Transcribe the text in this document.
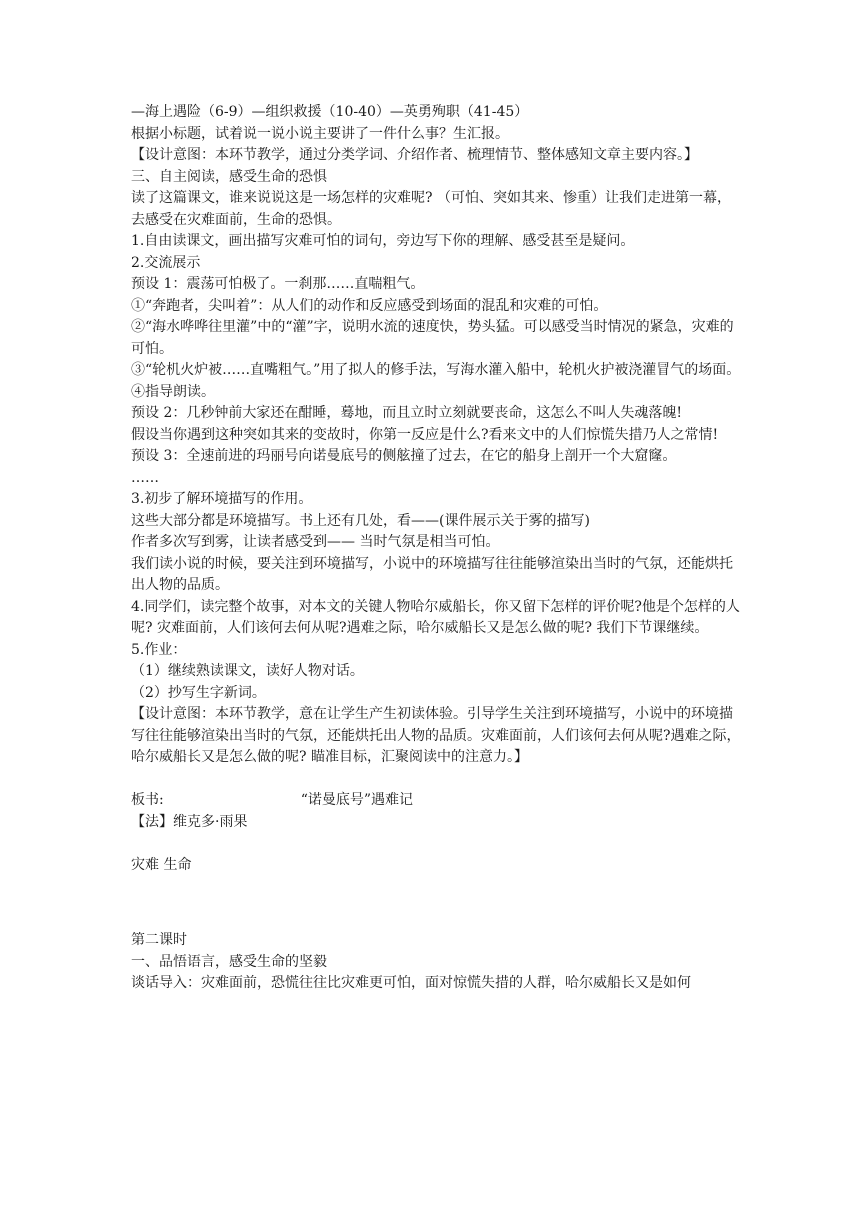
—海上遇险（6-9）—组织救援（10-40）—英勇殉职（41-45）
根据小标题，试着说一说小说主要讲了一件什么事？生汇报。
【设计意图：本环节教学，通过分类学词、介绍作者、梳理情节、整体感知文章主要内容。】
三、自主阅读，感受生命的恐惧
读了这篇课文，谁来说说这是一场怎样的灾难呢? （可怕、突如其来、惨重）让我们走进第一幕，去感受在灾难面前，生命的恐惧。
1.自由读课文，画出描写灾难可怕的词句，旁边写下你的理解、感受甚至是疑问。
2.交流展示
预设 1：震荡可怕极了。一刹那……直喘粗气。
①“奔跑者，尖叫着”：从人们的动作和反应感受到场面的混乱和灾难的可怕。
②“海水哗哗往里灌”中的“灌”字，说明水流的速度快，势头猛。可以感受当时情况的紧急，灾难的可怕。
③“轮机火炉被……直嘴粗气。”用了拟人的修手法，写海水灌入船中，轮机火护被浇灌冒气的场面。
④指导朗读。
预设 2：几秒钟前大家还在酣睡，蓦地，而且立时立刻就要丧命，这怎么不叫人失魂落魄!
假设当你遇到这种突如其来的变故时，你第一反应是什么?看来文中的人们惊慌失措乃人之常情!
预设 3：全速前进的玛丽号向诺曼底号的侧舷撞了过去，在它的船身上剖开一个大窟窿。
……
3.初步了解环境描写的作用。
这些大部分都是环境描写。书上还有几处，看——(课件展示关于雾的描写)
作者多次写到雾，让读者感受到—— 当时气氛是相当可怕。
我们读小说的时候，要关注到环境描写，小说中的环境描写往往能够渲染出当时的气氛，还能烘托出人物的品质。
4.同学们，读完整个故事，对本文的关键人物哈尔威船长，你又留下怎样的评价呢?他是个怎样的人呢? 灾难面前，人们该何去何从呢?遇难之际，哈尔威船长又是怎么做的呢? 我们下节课继续。
5.作业：
（1）继续熟读课文，读好人物对话。
（2）抄写生字新词。
【设计意图：本环节教学，意在让学生产生初读体验。引导学生关注到环境描写，小说中的环境描写往往能够渲染出当时的气氛，还能烘托出人物的品质。灾难面前，人们该何去何从呢?遇难之际，哈尔威船长又是怎么做的呢? 瞄准目标，汇聚阅读中的注意力。】
板书:	“诺曼底号”遇难记
【法】维克多·雨果
灾难 生命
第二课时
一、品悟语言，感受生命的坚毅
谈话导入：灾难面前，恐慌往往比灾难更可怕，面对惊慌失措的人群，哈尔威船长又是如何
